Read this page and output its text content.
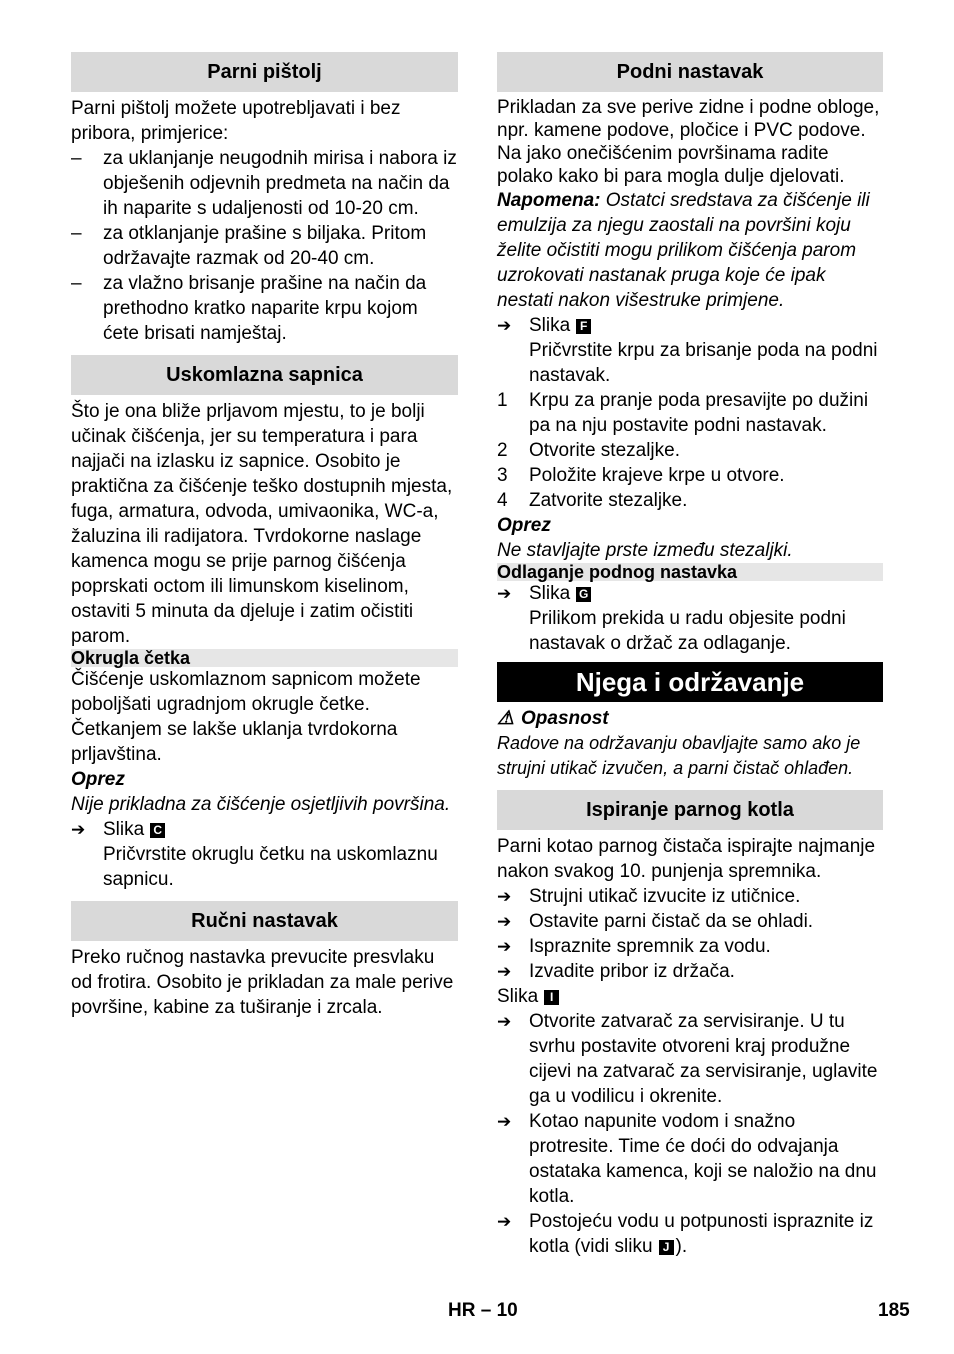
Parni pištolj

Parni pištolj možete upotrebljavati i bez pribora, primjerice:

–	za uklanjanje neugodnih mirisa i nabora iz obješenih odjevnih predmeta na način da ih naparite s udaljenosti od 10-20 cm.
–	za otklanjanje prašine s biljaka. Pritom održavajte razmak od 20-40 cm.
–	za vlažno brisanje prašine na način da prethodno kratko naparite krpu kojom ćete brisati namještaj.
Uskomlazna sapnica

Što je ona bliže prljavom mjestu, to je bolji učinak čišćenja, jer su temperatura i para najjači na izlasku iz sapnice. Osobito je praktična za čišćenje teško dostupnih mjesta, fuga, armatura, odvoda, umivaonika, WC-a, žaluzina ili radijatora. Tvrdokorne naslage kamenca mogu se prije parnog čišćenja poprskati octom ili limunskom kiselinom, ostaviti 5 minuta da djeluje i zatim očistiti parom.

Okrugla četka

Čišćenje uskomlaznom sapnicom možete poboljšati ugradnjom okrugle četke. Četkanjem se lakše uklanja tvrdokorna prljavština.

Oprez

Nije prikladna za čišćenje osjetljivih površina.

➔ Slika C

Pričvrstite okruglu četku na uskomlaznu sapnicu.

Ručni nastavak

Preko ručnog nastavka prevucite presvlaku od frotira. Osobito je prikladan za male perive površine, kabine za tuširanje i zrcala.

Podni nastavak

Prikladan za sve perive zidne i podne obloge, npr. kamene podove, pločice i PVC podove. Na jako onečišćenim površinama radite polako kako bi para mogla dulje djelovati.

Napomena: Ostatci sredstava za čišćenje ili emulzija za njegu zaostali na površini koju želite očistiti mogu prilikom čišćenja parom uzrokovati nastanak pruga koje će ipak nestati nakon višestruke primjene.

➔ Slika F

Pričvrstite krpu za brisanje poda na podni nastavak.

1	Krpu za pranje poda presavijte po dužini pa na nju postavite podni nastavak.
2	Otvorite stezaljke.
3	Položite krajeve krpe u otvore.
4	Zatvorite stezaljke.

Oprez

Ne stavljajte prste između stezaljki.

Odlaganje podnog nastavka
➔ Slika G

Prilikom prekida u radu objesite podni nastavak o držač za odlaganje.

Njega i održavanje

⚠ Opasnost

Radove na održavanju obavljajte samo ako je strujni utikač izvučen, a parni čistač ohlađen.

Ispiranje parnog kotla

Parni kotao parnog čistača ispirajte najmanje nakon svakog 10. punjenja spremnika.

➔ Strujni utikač izvucite iz utičnice.
➔ Ostavite parni čistač da se ohladi.
➔ Ispraznite spremnik za vodu.
➔ Izvadite pribor iz držača.

Slika I

➔ Otvorite zatvarač za servisiranje. U tu svrhu postavite otvoreni kraj produžne cijevi na zatvarač za servisiranje, uglavite ga u vodilicu i okrenite.
➔ Kotao napunite vodom i snažno protresite. Time će doći do odvajanja ostataka kamenca, koji se naložio na dnu kotla.
➔ Postojeću vodu u potpunosti ispraznite iz kotla (vidi sliku J ).
HR – 10	185
